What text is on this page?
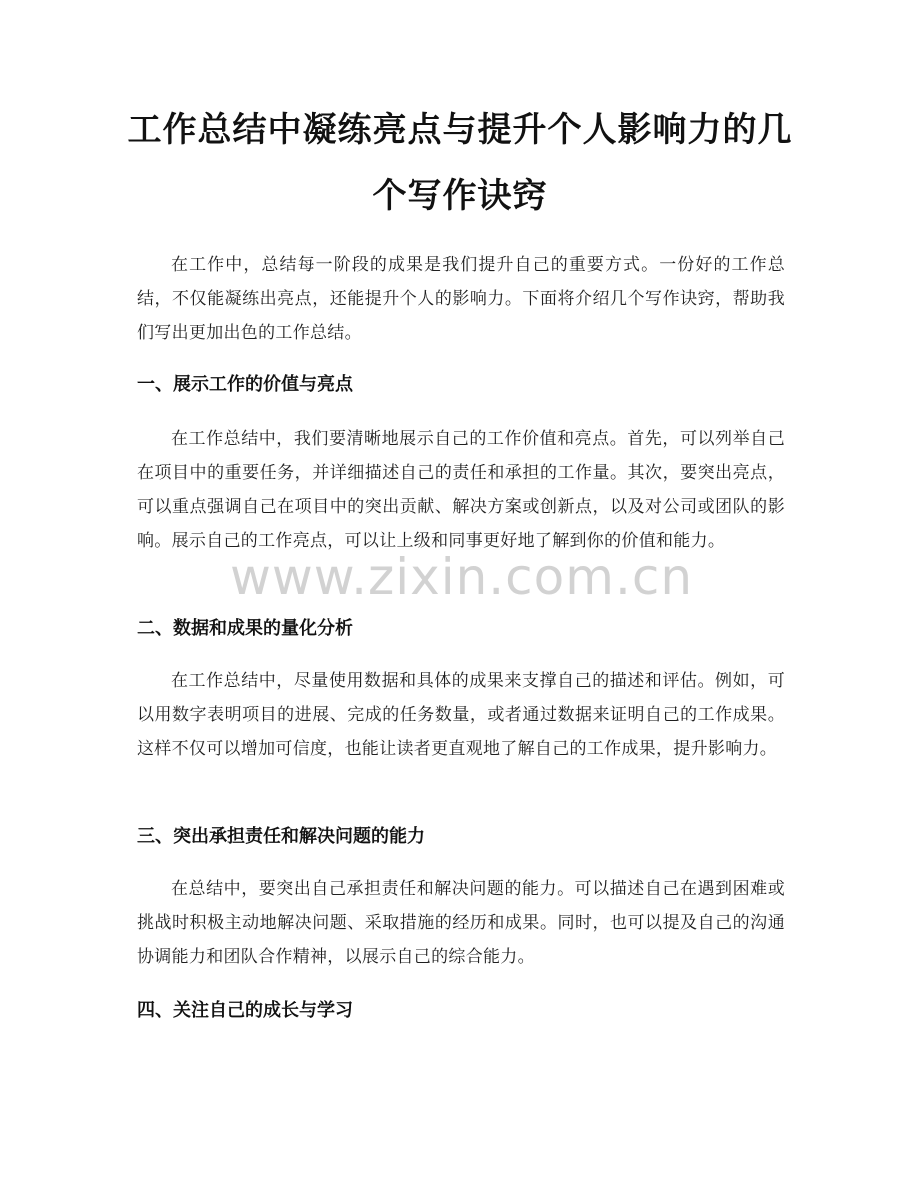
工作总结中凝练亮点与提升个人影响力的几
个写作诀窍

在工作中，总结每一阶段的成果是我们提升自己的重要方式。一份好的工作总结，不仅能凝练出亮点，还能提升个人的影响力。下面将介绍几个写作诀窍，帮助我们写出更加出色的工作总结。

一、展示工作的价值与亮点

在工作总结中，我们要清晰地展示自己的工作价值和亮点。首先，可以列举自己在项目中的重要任务，并详细描述自己的责任和承担的工作量。其次，要突出亮点，可以重点强调自己在项目中的突出贡献、解决方案或创新点，以及对公司或团队的影响。展示自己的工作亮点，可以让上级和同事更好地了解到你的价值和能力。

二、数据和成果的量化分析

在工作总结中，尽量使用数据和具体的成果来支撑自己的描述和评估。例如，可以用数字表明项目的进展、完成的任务数量，或者通过数据来证明自己的工作成果。这样不仅可以增加可信度，也能让读者更直观地了解自己的工作成果，提升影响力。

三、突出承担责任和解决问题的能力

在总结中，要突出自己承担责任和解决问题的能力。可以描述自己在遇到困难或挑战时积极主动地解决问题、采取措施的经历和成果。同时，也可以提及自己的沟通协调能力和团队合作精神，以展示自己的综合能力。

四、关注自己的成长与学习
www.zixin.com.cn
